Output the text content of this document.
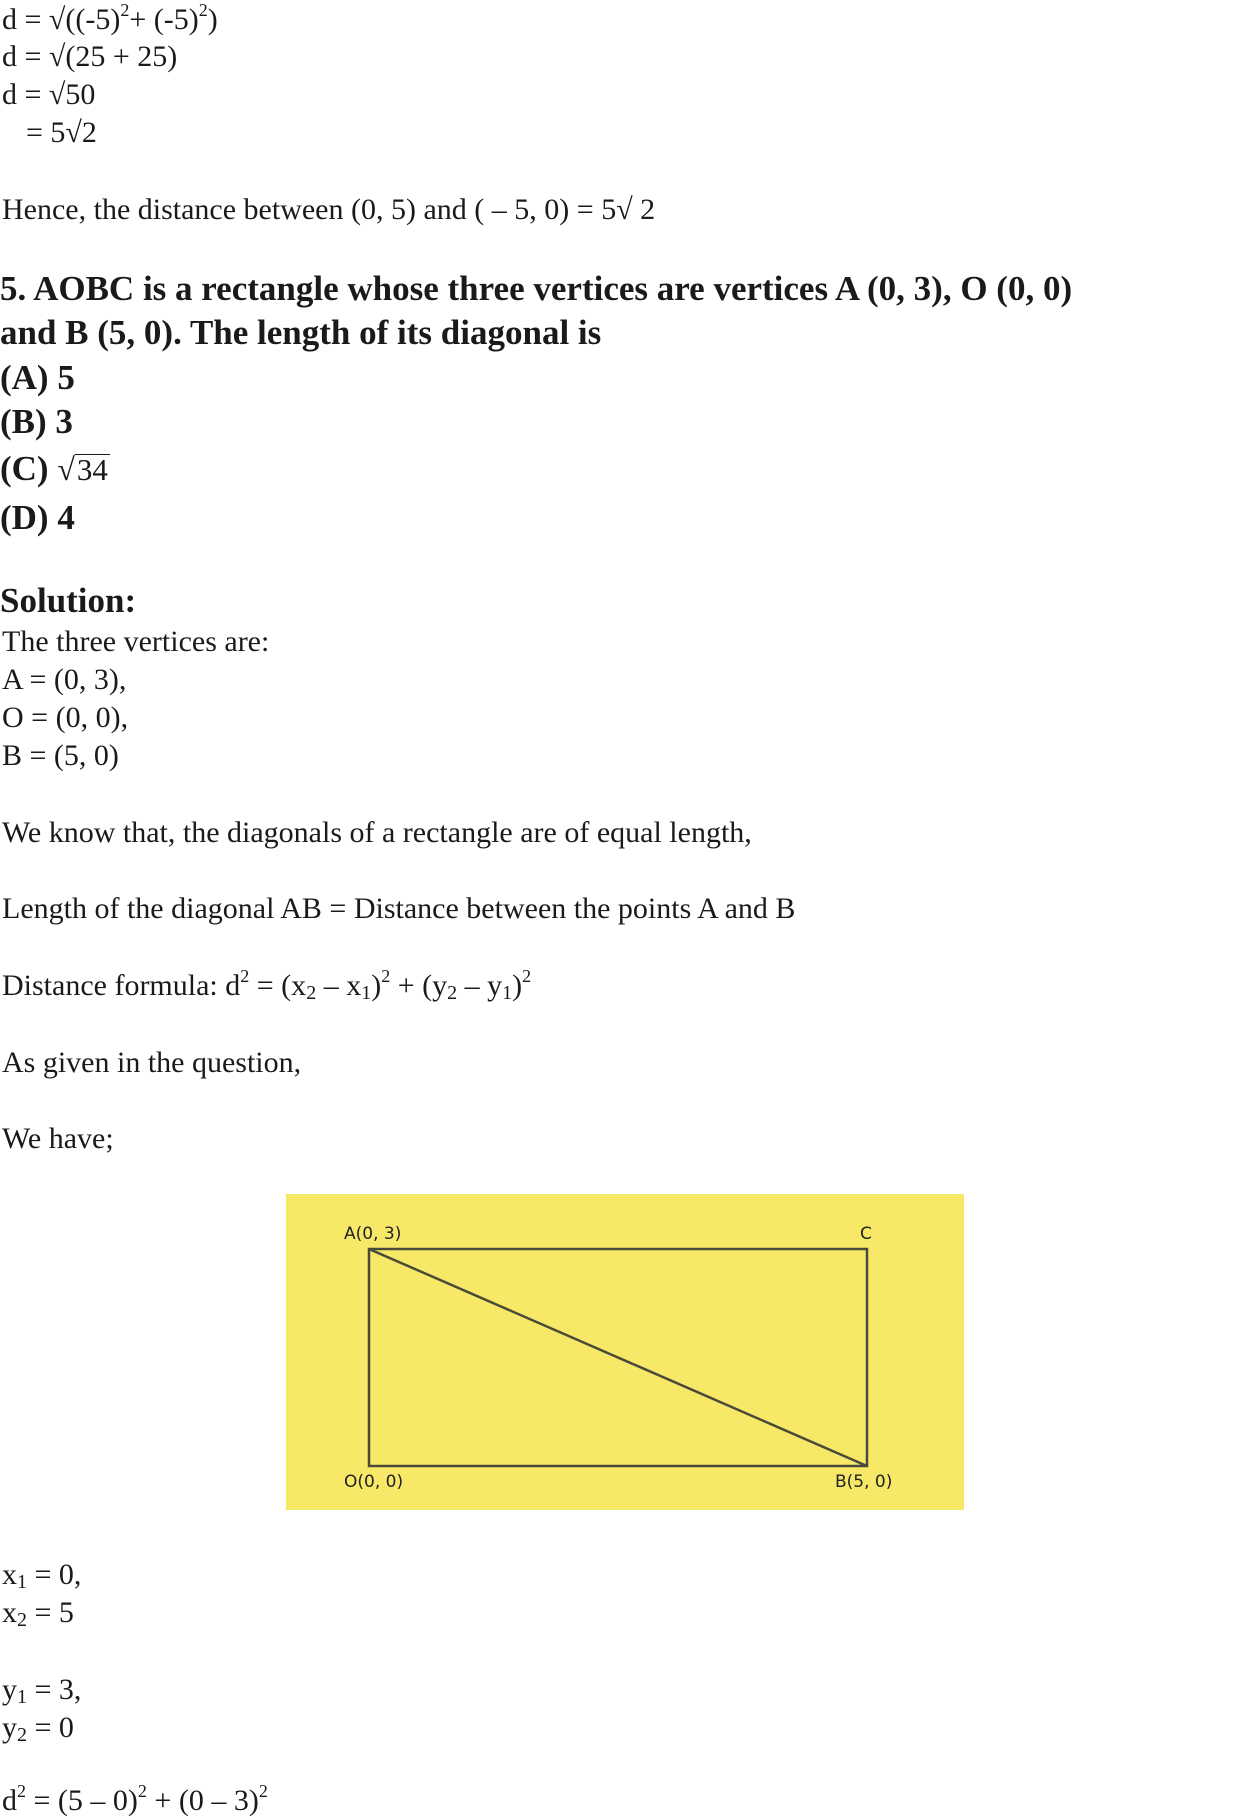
$d = √((-5)^2+ (-5)^2)$
d = √(25 + 25)
d = √50
= 5√2
Hence, the distance between (0, 5) and ( – 5, 0) = 5√ 2
5. AOBC is a rectangle whose three vertices are vertices A (0, 3), O (0, 0)
and B (5, 0). The length of its diagonal is
(A) 5
(B) 3
(C) √34
(D) 4
Solution:
The three vertices are:
A = (0, 3),
O = (0, 0),
B = (5, 0)
We know that, the diagonals of a rectangle are of equal length,
Length of the diagonal AB = Distance between the points A and B
Distance formula: $d^2 = (x_2 - x_1)^2 + (y_2 - y_1)^2$
As given in the question,
We have;
A(0, 3)	C
O(0, 0)	B(5, 0)
$x_1 = 0$,
$x_2 = 5$
$y_1 = 3$,
$y_2 = 0$
$d^2 = (5 - 0)^2 + (0 - 3)^2$
